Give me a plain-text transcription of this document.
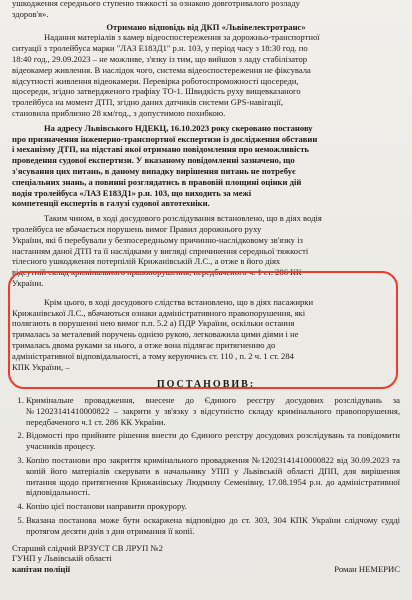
ушкодження середнього ступеню тяжкості за ознакою довготривалого розладу
здоров'я».
Отримано відповідь від ДКП «Львівелектротранс»
Надання матеріалів з камер відеоспостереження за дорожньо-транспортної
ситуації з тролейбуса марки "ЛАЗ Е183Д1" р.н. 103, у період часу з 18:30 год. по
18:40 год., 29.09.2023 – не можливе, з'язку із тим, що вийшов з ладу стабілізатор
відеокамер живлення. В наслідок чого, система відеоспостереження не фіксувала
відсутності живлення відеокамери. Перевірка роботоспроможності щосереди,
щосереди, згідно затвердженого графіку ТО-1. Швидкість руху вищевказаного
тролейбуса на момент ДТП, згідно даних датчиків системи GPS-навігації,
становила приблизно 28 км/год., з допустимою похибкою.
На адресу Львівського НДЕКЦ, 16.10.2023 року скеровано постанову
про призначення інженерно-транспортної експертизи із дослідження обставин
і механізму ДТП, на підставі якої отримано повідомлення про неможливість
проведення судової експертизи. У вказаному повідомленні зазначено, що
з'ясування цих питань, в даному випадку вирішення питань не потребує
спеціальних знань, а повинні розглядатись в правовій площині оцінки дій
водія тролейбуса «ЛАЗ Е183Д1» р.н. 103, що виходить за межі
компетенції експертів в галузі судової автотехніки.
Таким чином, в ході досудового розслідування встановлено, що в діях водія
тролейбуса не вбачається порушень вимог Правил дорожнього руху
України, які б перебували у безпосередньому причинно-наслідковому зв'язку із
настанням даної ДТП та її наслідками у вигляді спричинення середньої тяжкості
тілесного ушкодження потерпілій Крижанівській Л.С., а отже в його діях
відсутній склад кримінального правопорушення, передбаченого ч. 1 ст. 286 КК
України.
Крім цього, в ході досудового слідства встановлено, що в діях пасажирки
Крижанівської Л.С., вбачаються ознаки адміністративного правопорушення, які
полягають в порушенні нею вимог п.п. 5.2 а) ПДР України, оскільки остання
трималась за металевий поручень однією рукою, легковажила цими діями і не
трималась двома руками за нього, а отже вона підлягає притягненню до
адміністративної відповідальності, а тому керуючись ст. 110 , п. 2 ч. 1 ст. 284
КПК України, –
ПОСТАНОВИВ:
1. Кримінальне провадження, внесене до Єдиного реєстру досудових розслідувань за №12023141410000822 – закрити у зв'язку з відсутністю складу кримінального правопорушення, передбаченого ч.1 ст. 286 КК України.
2. Відомості про прийняте рішення внести до Єдиного реєстру досудових розслідувань та повідомити учасників процесу.
3. Копію постанови про закриття кримінального провадження №12023141410000822 від 30.09.2023 та копій його матеріалів скерувати в начальнику УПП у Львівській області ДПП, для вирішення питання щодо притягнення Крижанівську Людмилу Семенівну, 17.08.1954 р.н. до адміністративної відповідальності.
4. Копію цієї постанови направити прокурору.
5. Вказана постанова може бути оскаржена відповідно до ст. 303, 304 КПК України слідчому судді протягом десяти днів з дня отримання її копії.
Старший слідчий ВРЗУСТ СВ ЛРУП №2
ГУНП у Львівській області
капітан поліції	Роман НЕМЕРИС
